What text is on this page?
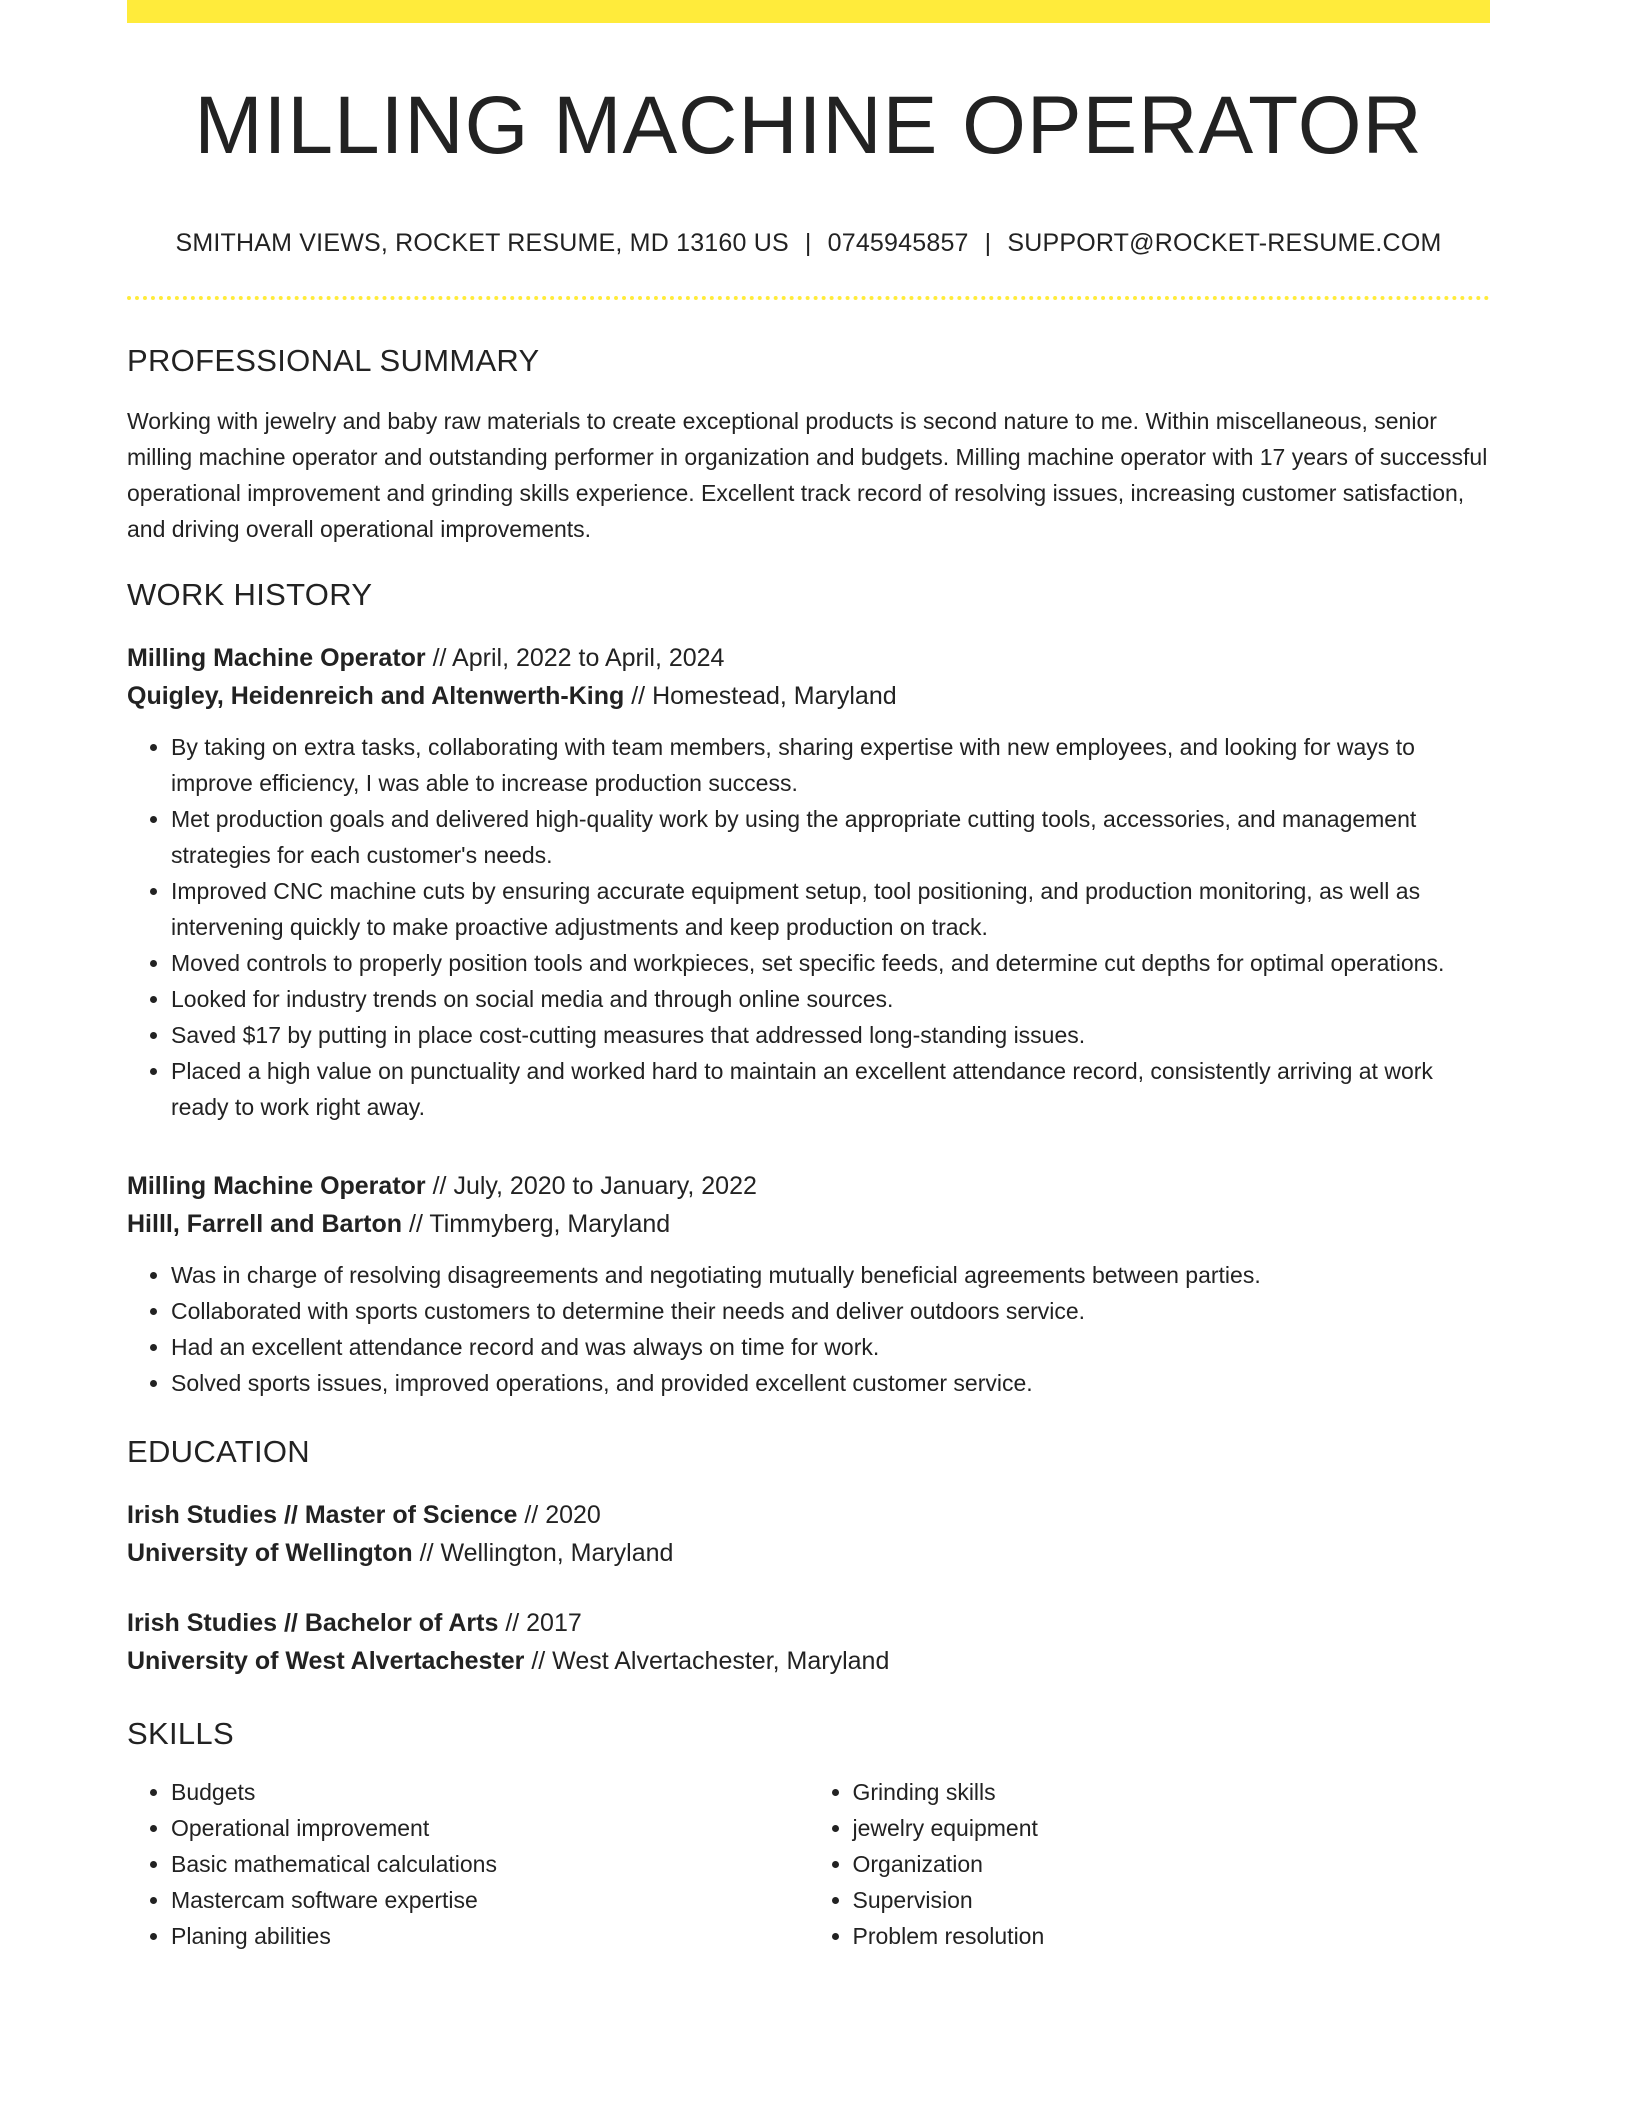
MILLING MACHINE OPERATOR
SMITHAM VIEWS, ROCKET RESUME, MD 13160 US | 0745945857 | SUPPORT@ROCKET-RESUME.COM
PROFESSIONAL SUMMARY

Working with jewelry and baby raw materials to create exceptional products is second nature to me. Within miscellaneous, senior milling machine operator and outstanding performer in organization and budgets. Milling machine operator with 17 years of successful operational improvement and grinding skills experience. Excellent track record of resolving issues, increasing customer satisfaction, and driving overall operational improvements.

WORK HISTORY
Milling Machine Operator // April, 2022 to April, 2024
Quigley, Heidenreich and Altenwerth-King // Homestead, Maryland
• By taking on extra tasks, collaborating with team members, sharing expertise with new employees, and looking for ways to improve efficiency, I was able to increase production success.
• Met production goals and delivered high-quality work by using the appropriate cutting tools, accessories, and management strategies for each customer's needs.
• Improved CNC machine cuts by ensuring accurate equipment setup, tool positioning, and production monitoring, as well as intervening quickly to make proactive adjustments and keep production on track.
• Moved controls to properly position tools and workpieces, set specific feeds, and determine cut depths for optimal operations.
• Looked for industry trends on social media and through online sources.
• Saved $17 by putting in place cost-cutting measures that addressed long-standing issues.
• Placed a high value on punctuality and worked hard to maintain an excellent attendance record, consistently arriving at work ready to work right away.
Milling Machine Operator // July, 2020 to January, 2022
Hilll, Farrell and Barton // Timmyberg, Maryland
• Was in charge of resolving disagreements and negotiating mutually beneficial agreements between parties.
• Collaborated with sports customers to determine their needs and deliver outdoors service.
• Had an excellent attendance record and was always on time for work.
• Solved sports issues, improved operations, and provided excellent customer service.
EDUCATION
Irish Studies // Master of Science // 2020
University of Wellington // Wellington, Maryland
Irish Studies // Bachelor of Arts // 2017
University of West Alvertachester // West Alvertachester, Maryland
SKILLS
• Budgets
• Operational improvement
• Basic mathematical calculations
• Mastercam software expertise
• Planing abilities
• Grinding skills
• jewelry equipment
• Organization
• Supervision
• Problem resolution
